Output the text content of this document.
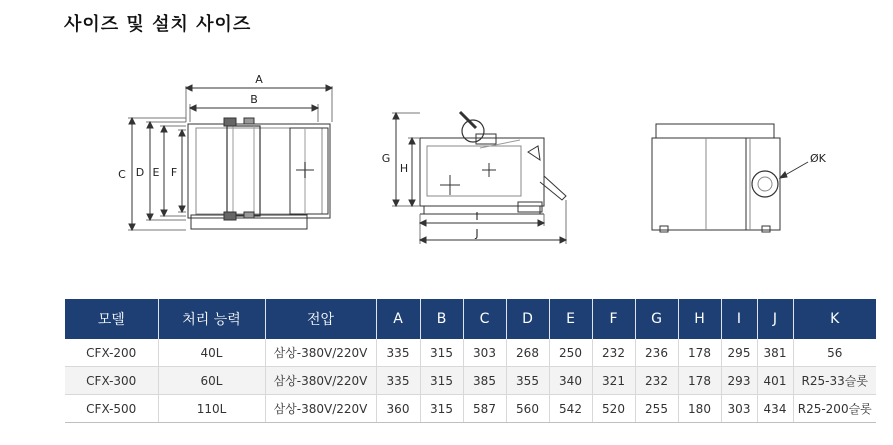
사이즈 및 설치 사이즈
A
B
C D E F
G
H
I
J
ØK
모델	처리 능력	전압	A	B	C	D	E	F	G	H	I	J	K
CFX-200	40L	삼상-380V/220V	335	315	303	268	250	232	236	178	295	381	56
CFX-300	60L	삼상-380V/220V	335	315	385	355	340	321	232	178	293	401	R25-33슬롯
CFX-500	110L	삼상-380V/220V	360	315	587	560	542	520	255	180	303	434	R25-200슬롯
